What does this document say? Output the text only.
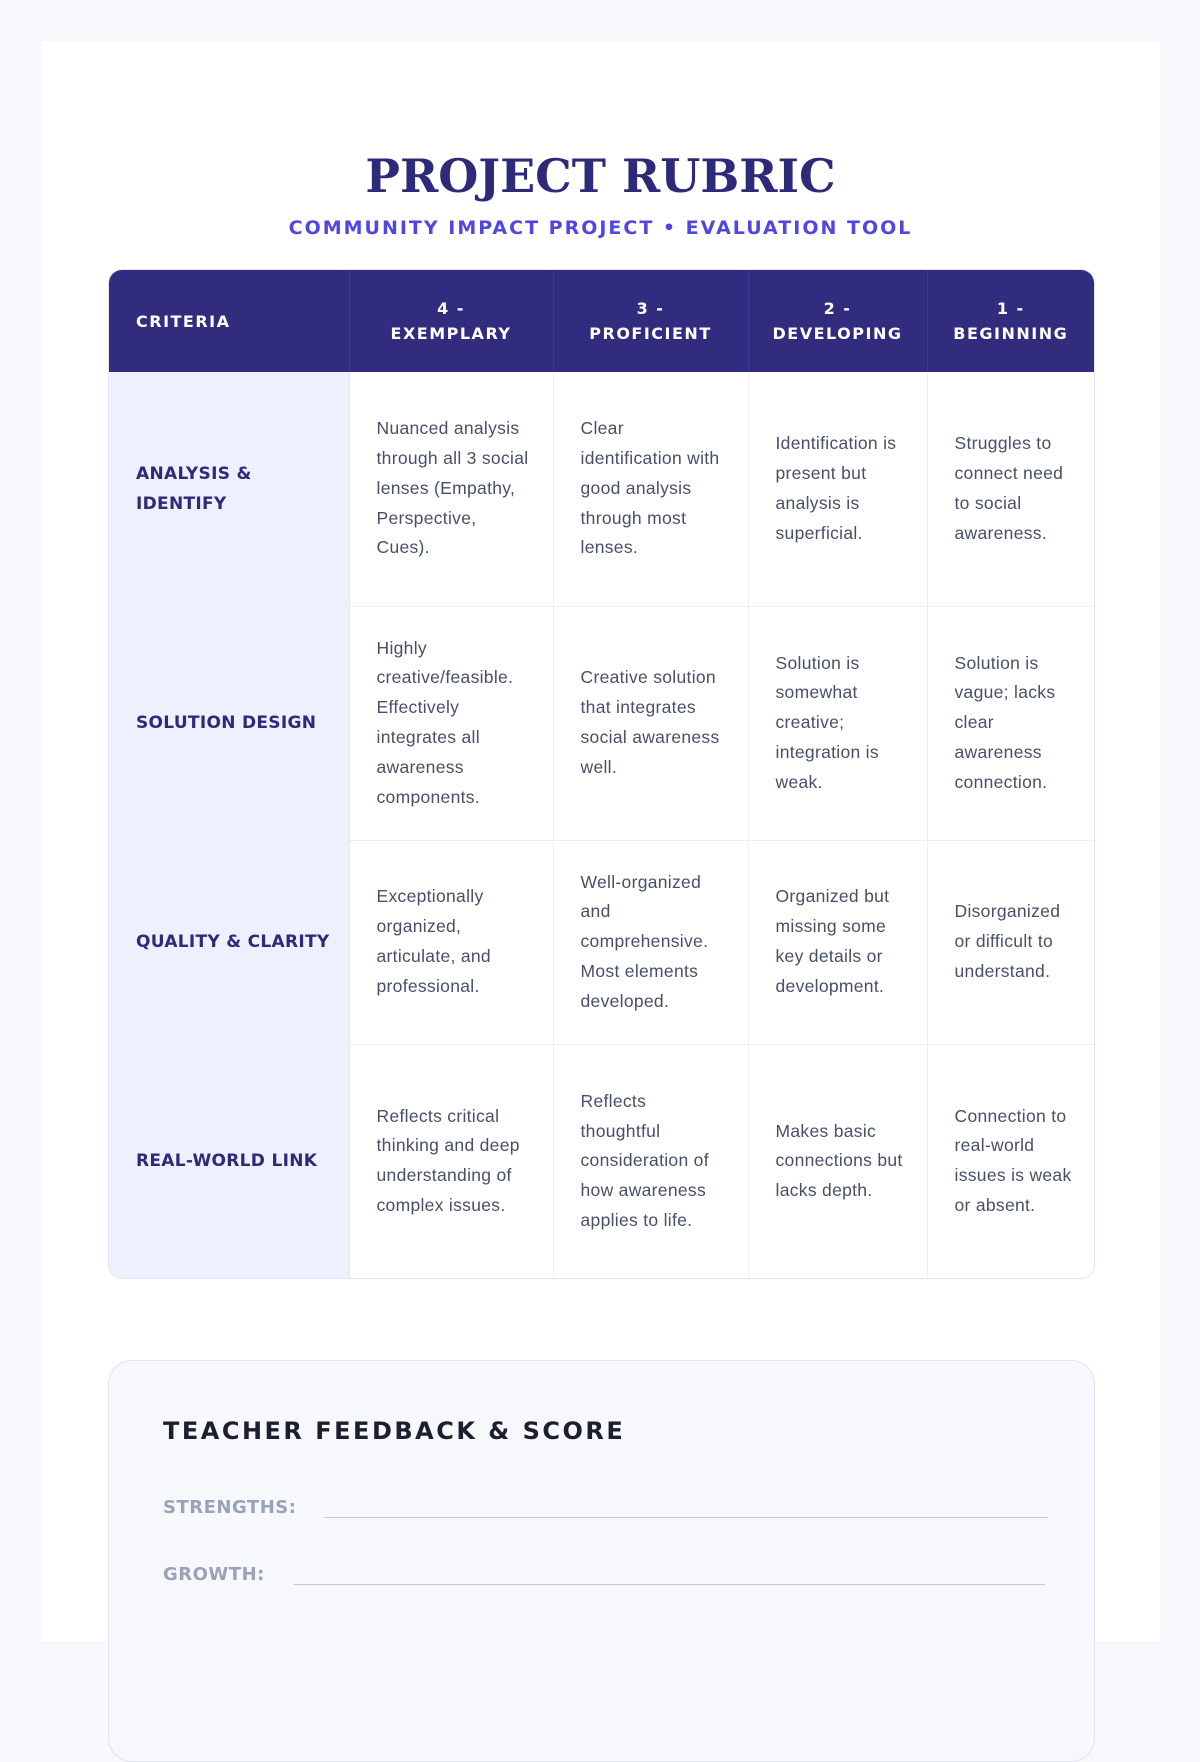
PROJECT RUBRIC

COMMUNITY IMPACT PROJECT • EVALUATION TOOL

CRITERIA	4 - EXEMPLARY	3 - PROFICIENT	2 - DEVELOPING	1 - BEGINNING
ANALYSIS & IDENTIFY	Nuanced analysis through all 3 social lenses (Empathy, Perspective, Cues).	Clear identification with good analysis through most lenses.	Identification is present but analysis is superficial.	Struggles to connect need to social awareness.
SOLUTION DESIGN	Highly creative/feasible. Effectively integrates all awareness components.	Creative solution that integrates social awareness well.	Solution is somewhat creative; integration is weak.	Solution is vague; lacks clear awareness connection.
QUALITY & CLARITY	Exceptionally organized, articulate, and professional.	Well-organized and comprehensive. Most elements developed.	Organized but missing some key details or development.	Disorganized or difficult to understand.
REAL-WORLD LINK	Reflects critical thinking and deep understanding of complex issues.	Reflects thoughtful consideration of how awareness applies to life.	Makes basic connections but lacks depth.	Connection to real-world issues is weak or absent.
TEACHER FEEDBACK & SCORE
STRENGTHS:
GROWTH:
